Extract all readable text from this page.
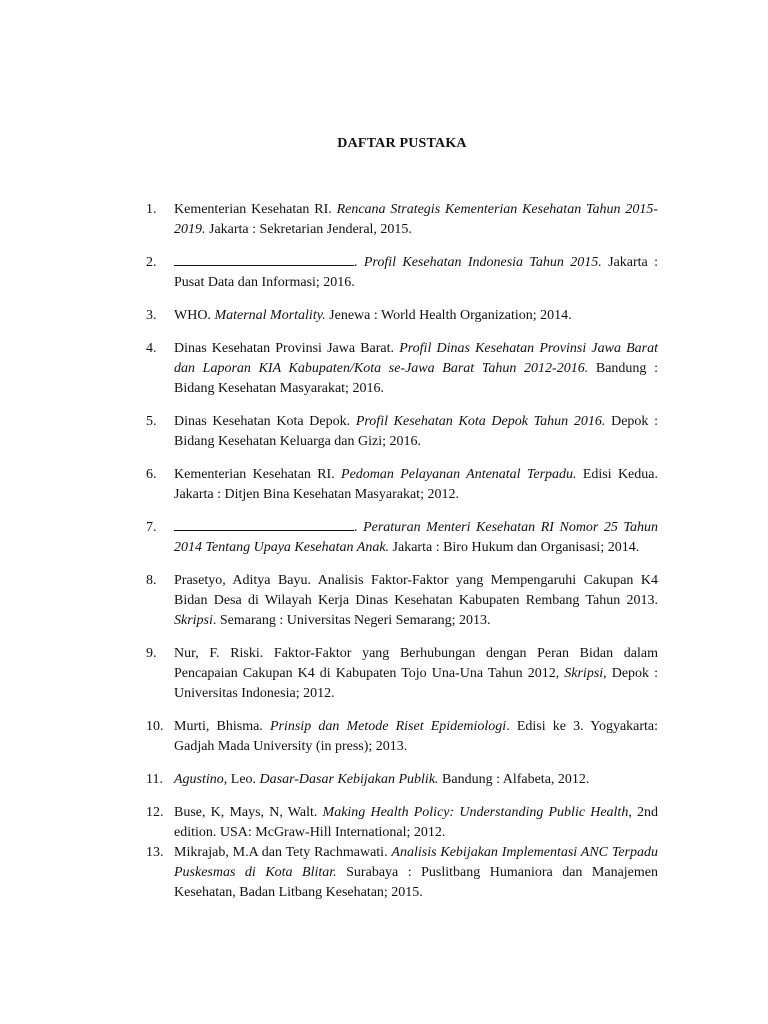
DAFTAR PUSTAKA
1. Kementerian Kesehatan RI. Rencana Strategis Kementerian Kesehatan Tahun 2015-2019. Jakarta : Sekretarian Jenderal, 2015.
2.	. Profil Kesehatan Indonesia Tahun 2015. Jakarta : Pusat Data dan Informasi; 2016.
3. WHO. Maternal Mortality. Jenewa : World Health Organization; 2014.
4. Dinas Kesehatan Provinsi Jawa Barat. Profil Dinas Kesehatan Provinsi Jawa Barat dan Laporan KIA Kabupaten/Kota se-Jawa Barat Tahun 2012-2016. Bandung : Bidang Kesehatan Masyarakat; 2016.
5. Dinas Kesehatan Kota Depok. Profil Kesehatan Kota Depok Tahun 2016. Depok : Bidang Kesehatan Keluarga dan Gizi; 2016.
6. Kementerian Kesehatan RI. Pedoman Pelayanan Antenatal Terpadu. Edisi Kedua. Jakarta : Ditjen Bina Kesehatan Masyarakat; 2012.
7.	. Peraturan Menteri Kesehatan RI Nomor 25 Tahun 2014 Tentang Upaya Kesehatan Anak. Jakarta : Biro Hukum dan Organisasi; 2014.
8. Prasetyo, Aditya Bayu. Analisis Faktor-Faktor yang Mempengaruhi Cakupan K4 Bidan Desa di Wilayah Kerja Dinas Kesehatan Kabupaten Rembang Tahun 2013. Skripsi. Semarang : Universitas Negeri Semarang; 2013.
9. Nur, F. Riski. Faktor-Faktor yang Berhubungan dengan Peran Bidan dalam Pencapaian Cakupan K4 di Kabupaten Tojo Una-Una Tahun 2012, Skripsi, Depok : Universitas Indonesia; 2012.
10. Murti, Bhisma. Prinsip dan Metode Riset Epidemiologi. Edisi ke 3. Yogyakarta: Gadjah Mada University (in press); 2013.
11. Agustino, Leo. Dasar-Dasar Kebijakan Publik. Bandung : Alfabeta, 2012.
12. Buse, K, Mays, N, Walt. Making Health Policy: Understanding Public Health, 2nd edition. USA: McGraw-Hill International; 2012.
13. Mikrajab, M.A dan Tety Rachmawati. Analisis Kebijakan Implementasi ANC Terpadu Puskesmas di Kota Blitar. Surabaya : Puslitbang Humaniora dan Manajemen Kesehatan, Badan Litbang Kesehatan; 2015.
